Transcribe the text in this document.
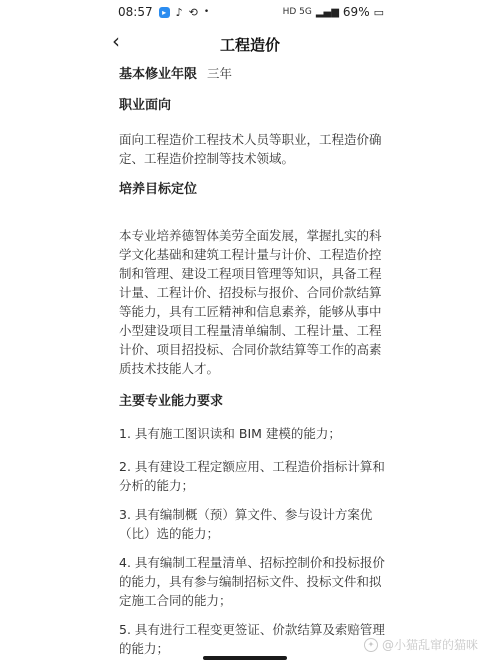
08:57	▸ ♪ ⟲ •	HD 5G ▂▄▆ 69% ▭
‹	工程造价
基本修业年限 三年
职业面向
面向工程造价工程技术人员等职业，工程造价确定、工程造价控制等技术领域。
培养目标定位
本专业培养德智体美劳全面发展，掌握扎实的科学文化基础和建筑工程计量与计价、工程造价控制和管理、建设工程项目管理等知识，具备工程计量、工程计价、招投标与报价、合同价款结算等能力，具有工匠精神和信息素养，能够从事中小型建设项目工程量清单编制、工程计量、工程计价、项目招投标、合同价款结算等工作的高素质技术技能人才。
主要专业能力要求
1. 具有施工图识读和 BIM 建模的能力；
2. 具有建设工程定额应用、工程造价指标计算和分析的能力；
3. 具有编制概（预）算文件、参与设计方案优（比）选的能力；
4. 具有编制工程量清单、招标控制价和投标报价的能力，具有参与编制招标文件、投标文件和拟定施工合同的能力；
5. 具有进行工程变更签证、价款结算及索赔管理的能力；	✦ @小猫乱窜的猫咪
